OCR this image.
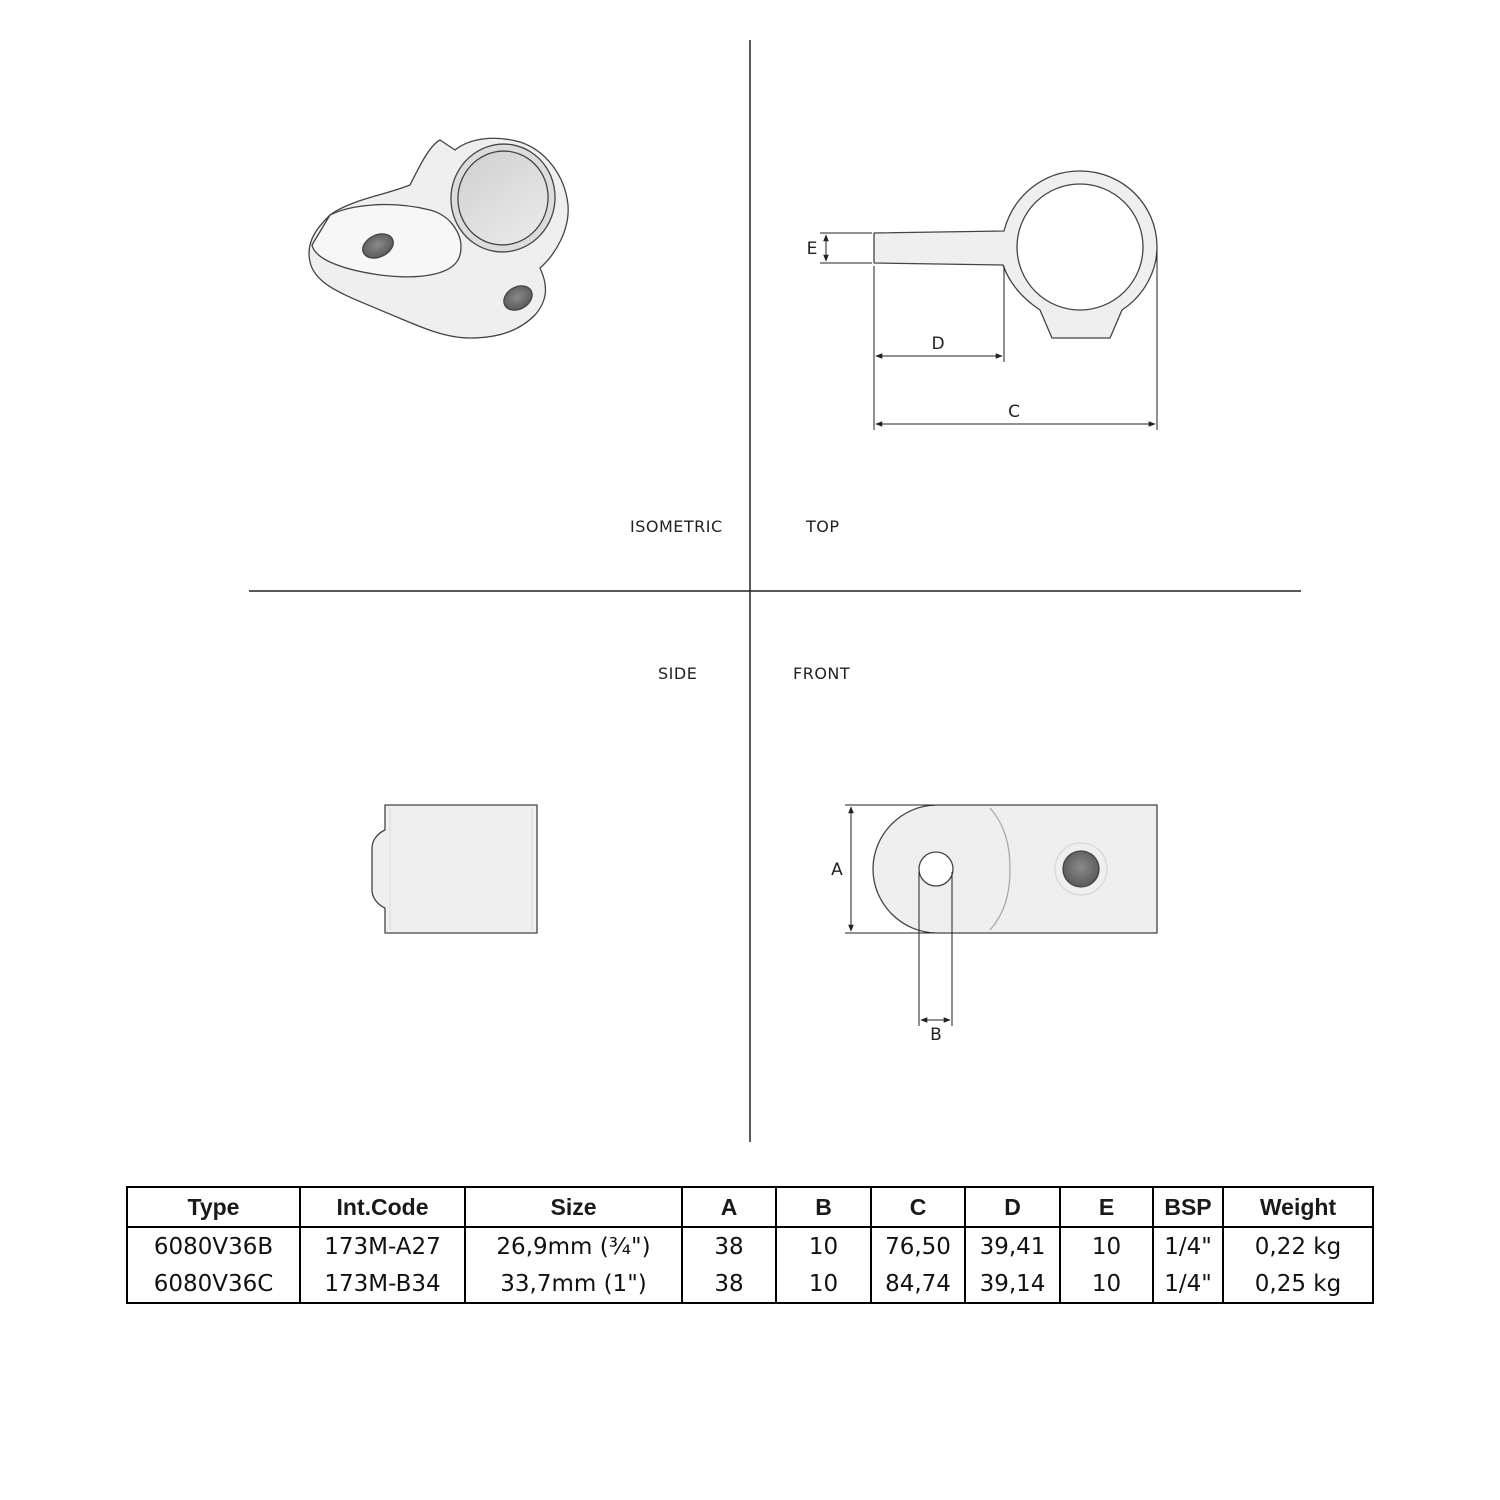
E
D
C
A
B
ISOMETRIC	TOP
SIDE	FRONT
Type	Int.Code	Size	A	B	C	D	E	BSP	Weight
6080V36B	173M-A27	26,9mm (¾")	38	10	76,50	39,41	10	1/4"	0,22 kg
6080V36C	173M-B34	33,7mm (1")	38	10	84,74	39,14	10	1/4"	0,25 kg
